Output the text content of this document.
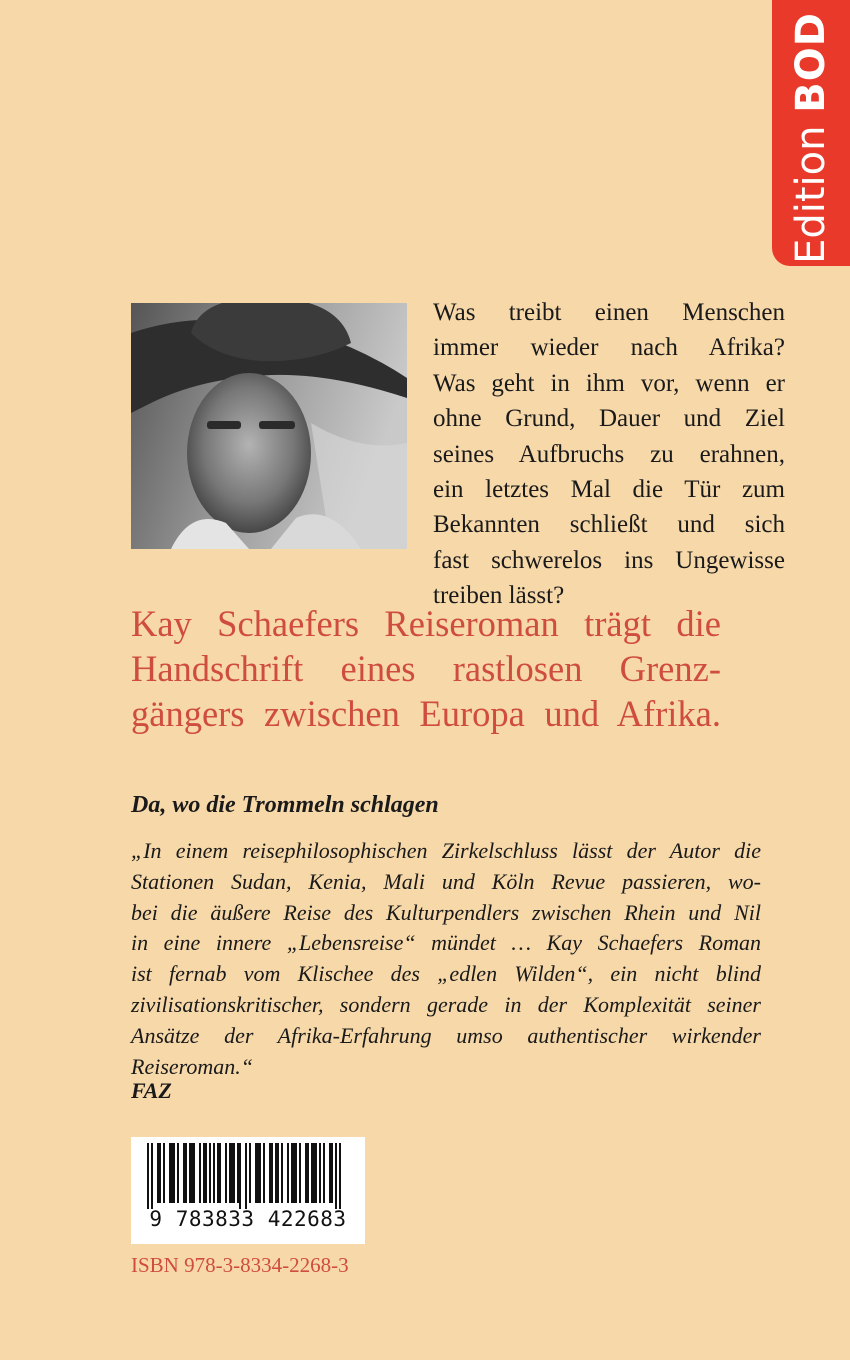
Edition BOD
Was treibt einen Menschen
immer wieder nach Afrika?
Was geht in ihm vor, wenn er
ohne Grund, Dauer und Ziel
seines Aufbruchs zu erahnen,
ein letztes Mal die Tür zum
Bekannten schließt und sich
fast schwerelos ins Ungewisse
treiben lässt?
Kay Schaefers Reiseroman trägt die
Handschrift eines rastlosen Grenz-
gängers zwischen Europa und Afrika.
Da, wo die Trommeln schlagen
„In einem reisephilosophischen Zirkelschluss lässt der Autor die
Stationen Sudan, Kenia, Mali und Köln Revue passieren, wo-
bei die äußere Reise des Kulturpendlers zwischen Rhein und Nil
in eine innere „Lebensreise“ mündet … Kay Schaefers Roman
ist fernab vom Klischee des „edlen Wilden“, ein nicht blind
zivilisationskritischer, sondern gerade in der Komplexität seiner
Ansätze der Afrika-Erfahrung umso authentischer wirkender
Reiseroman.“
FAZ
9 783833 422683
ISBN 978-3-8334-2268-3
